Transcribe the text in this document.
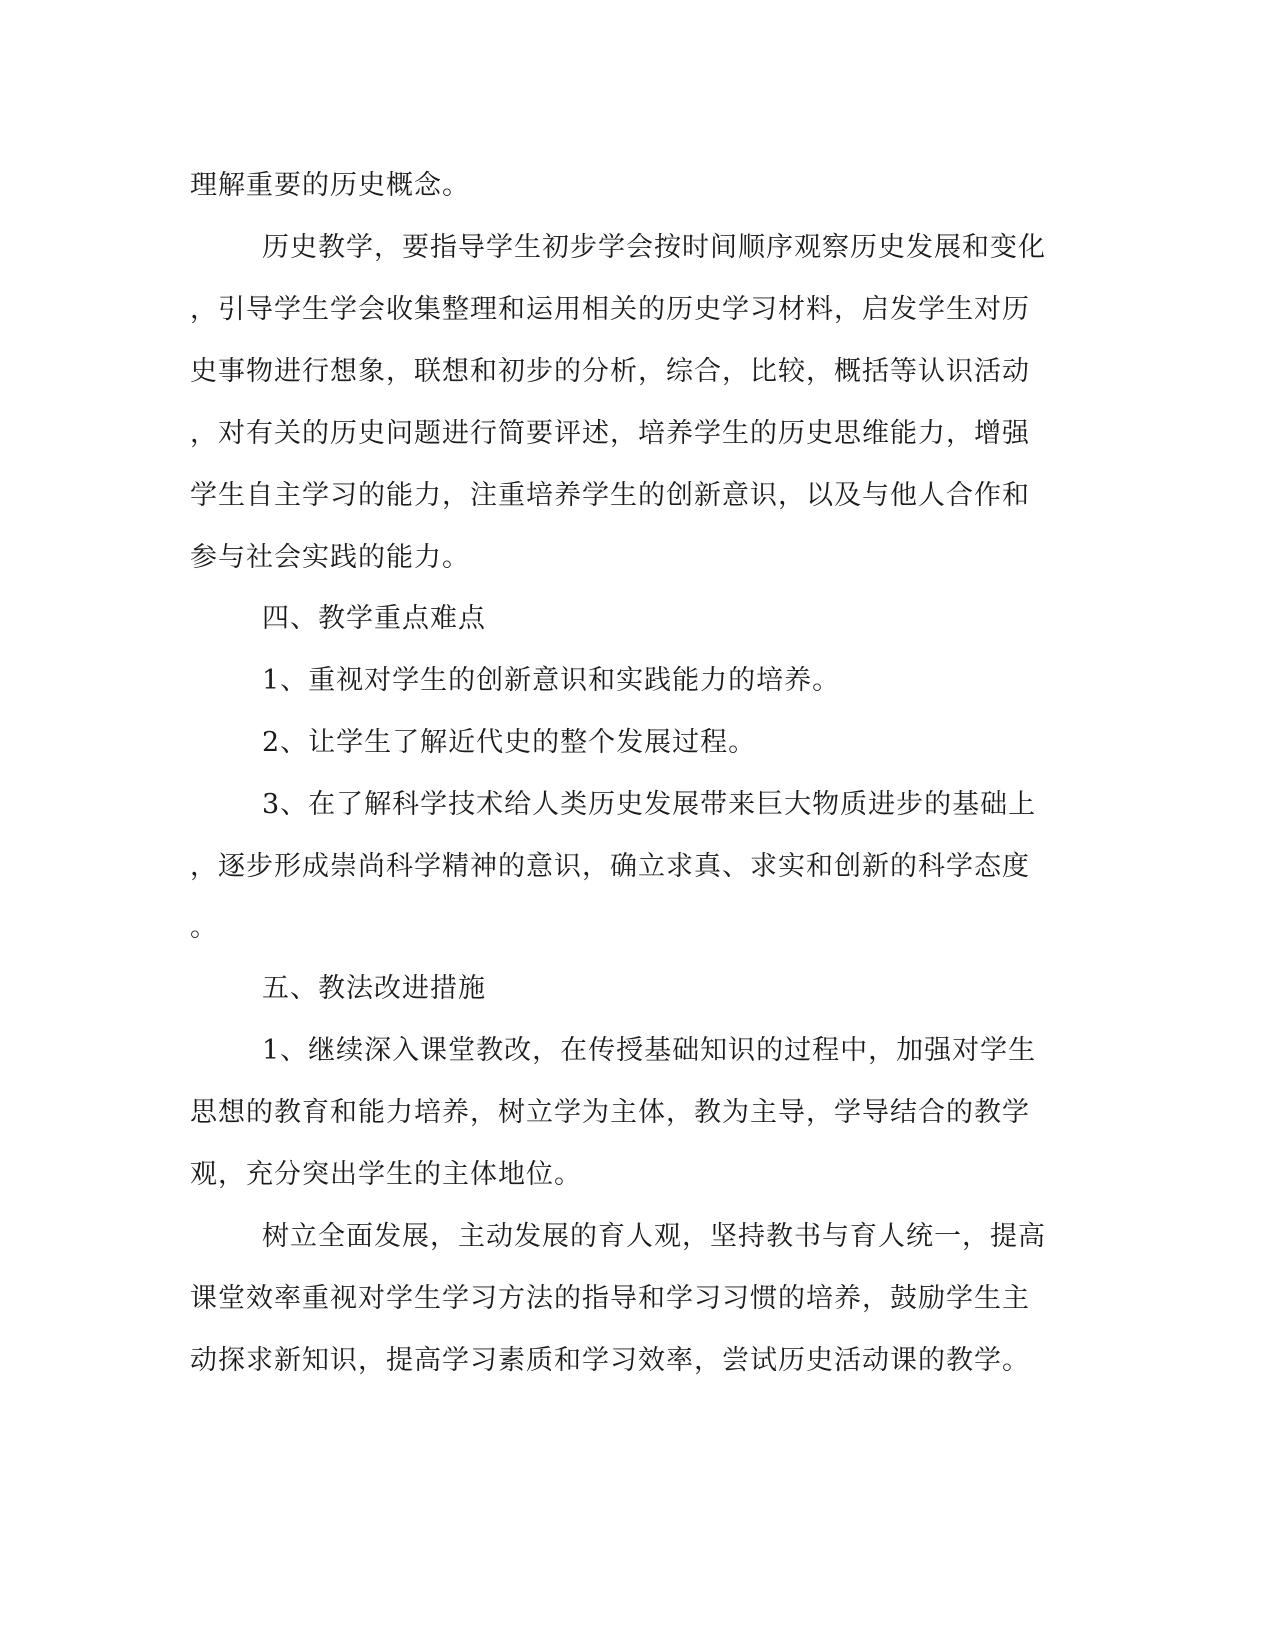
理解重要的历史概念。
历史教学，要指导学生初步学会按时间顺序观察历史发展和变化
，引导学生学会收集整理和运用相关的历史学习材料，启发学生对历
史事物进行想象，联想和初步的分析，综合，比较，概括等认识活动
，对有关的历史问题进行简要评述，培养学生的历史思维能力，增强
学生自主学习的能力，注重培养学生的创新意识，以及与他人合作和
参与社会实践的能力。
四、教学重点难点
1、重视对学生的创新意识和实践能力的培养。
2、让学生了解近代史的整个发展过程。
3、在了解科学技术给人类历史发展带来巨大物质进步的基础上
，逐步形成崇尚科学精神的意识，确立求真、求实和创新的科学态度
。
五、教法改进措施
1、继续深入课堂教改，在传授基础知识的过程中，加强对学生
思想的教育和能力培养，树立学为主体，教为主导，学导结合的教学
观，充分突出学生的主体地位。
树立全面发展，主动发展的育人观，坚持教书与育人统一，提高
课堂效率重视对学生学习方法的指导和学习习惯的培养，鼓励学生主
动探求新知识，提高学习素质和学习效率，尝试历史活动课的教学。
